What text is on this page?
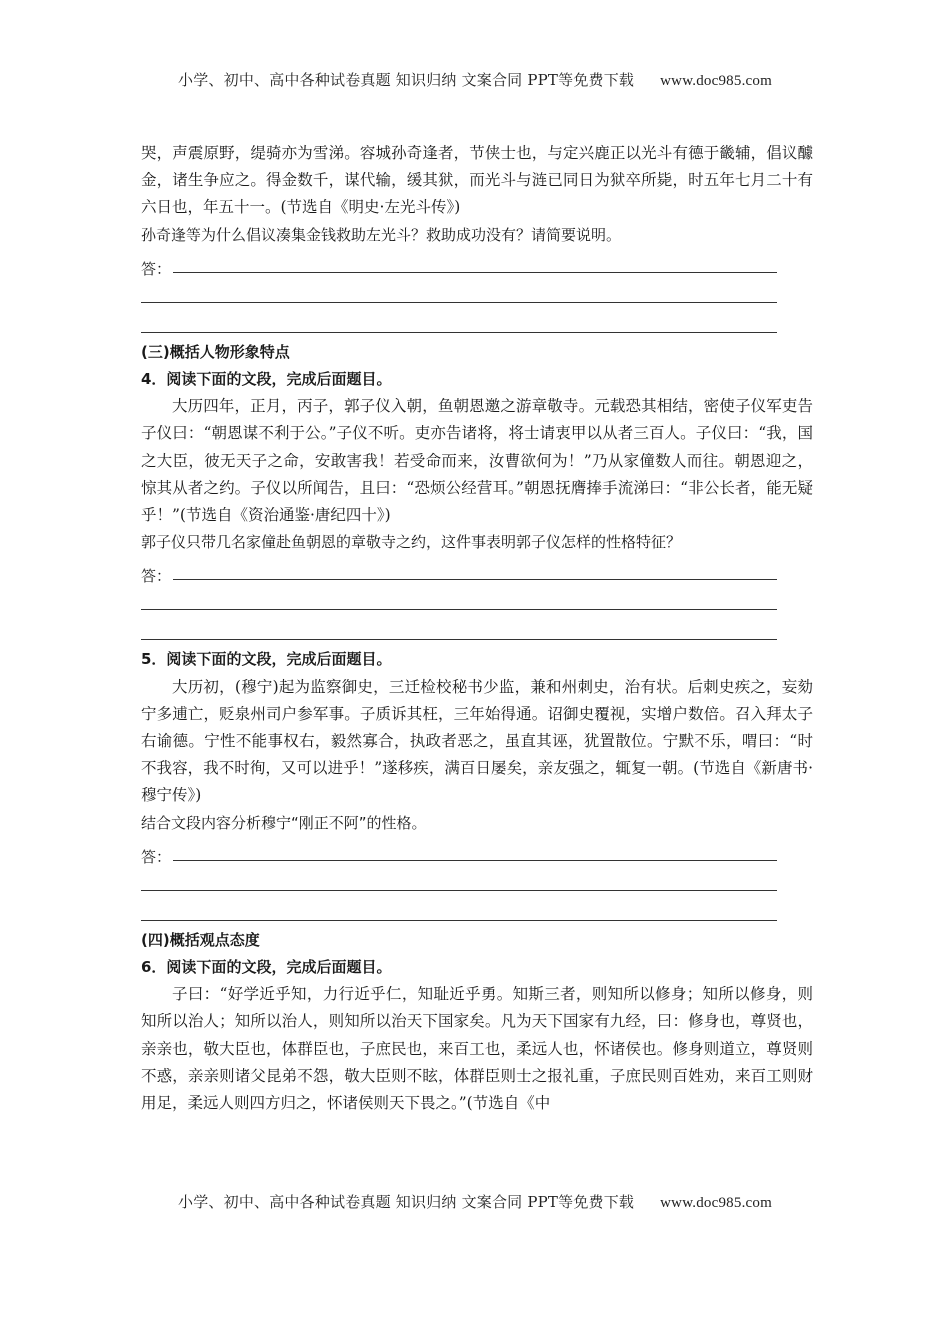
小学、初中、高中各种试卷真题 知识归纳 文案合同 PPT等免费下载 www.doc985.com

哭，声震原野，缇骑亦为雪涕。容城孙奇逢者，节侠士也，与定兴鹿正以光斗有德于畿辅，倡议醵金，诸生争应之。得金数千，谋代输，缓其狱，而光斗与涟已同日为狱卒所毙，时五年七月二十有六日也，年五十一。(节选自《明史·左光斗传》)

孙奇逢等为什么倡议凑集金钱救助左光斗？救助成功没有？请简要说明。

答：

(三)概括人物形象特点

4．阅读下面的文段，完成后面题目。

大历四年，正月，丙子，郭子仪入朝，鱼朝恩邀之游章敬寺。元载恐其相结，密使子仪军吏告子仪曰：“朝恩谋不利于公。”子仪不听。吏亦告诸将，将士请衷甲以从者三百人。子仪曰：“我，国之大臣，彼无天子之命，安敢害我！若受命而来，汝曹欲何为！”乃从家僮数人而往。朝恩迎之，惊其从者之约。子仪以所闻告，且曰：“恐烦公经营耳。”朝恩抚膺捧手流涕曰：“非公长者，能无疑乎！”(节选自《资治通鉴·唐纪四十》)

郭子仪只带几名家僮赴鱼朝恩的章敬寺之约，这件事表明郭子仪怎样的性格特征？

答：

5．阅读下面的文段，完成后面题目。

大历初，(穆宁)起为监察御史，三迁检校秘书少监，兼和州刺史，治有状。后刺史疾之，妄劾宁多逋亡，贬泉州司户参军事。子质诉其枉，三年始得通。诏御史覆视，实增户数倍。召入拜太子右谕德。宁性不能事权右，毅然寡合，执政者恶之，虽直其诬，犹置散位。宁默不乐，喟曰：“时不我容，我不时徇，又可以进乎！”遂移疾，满百日屡矣，亲友强之，辄复一朝。(节选自《新唐书·穆宁传》)

结合文段内容分析穆宁“刚正不阿”的性格。

答：

(四)概括观点态度

6．阅读下面的文段，完成后面题目。

子曰：“好学近乎知，力行近乎仁，知耻近乎勇。知斯三者，则知所以修身；知所以修身，则知所以治人；知所以治人，则知所以治天下国家矣。凡为天下国家有九经，曰：修身也，尊贤也，亲亲也，敬大臣也，体群臣也，子庶民也，来百工也，柔远人也，怀诸侯也。修身则道立，尊贤则不惑，亲亲则诸父昆弟不怨，敬大臣则不眩，体群臣则士之报礼重，子庶民则百姓劝，来百工则财用足，柔远人则四方归之，怀诸侯则天下畏之。”(节选自《中

小学、初中、高中各种试卷真题 知识归纳 文案合同 PPT等免费下载 www.doc985.com
